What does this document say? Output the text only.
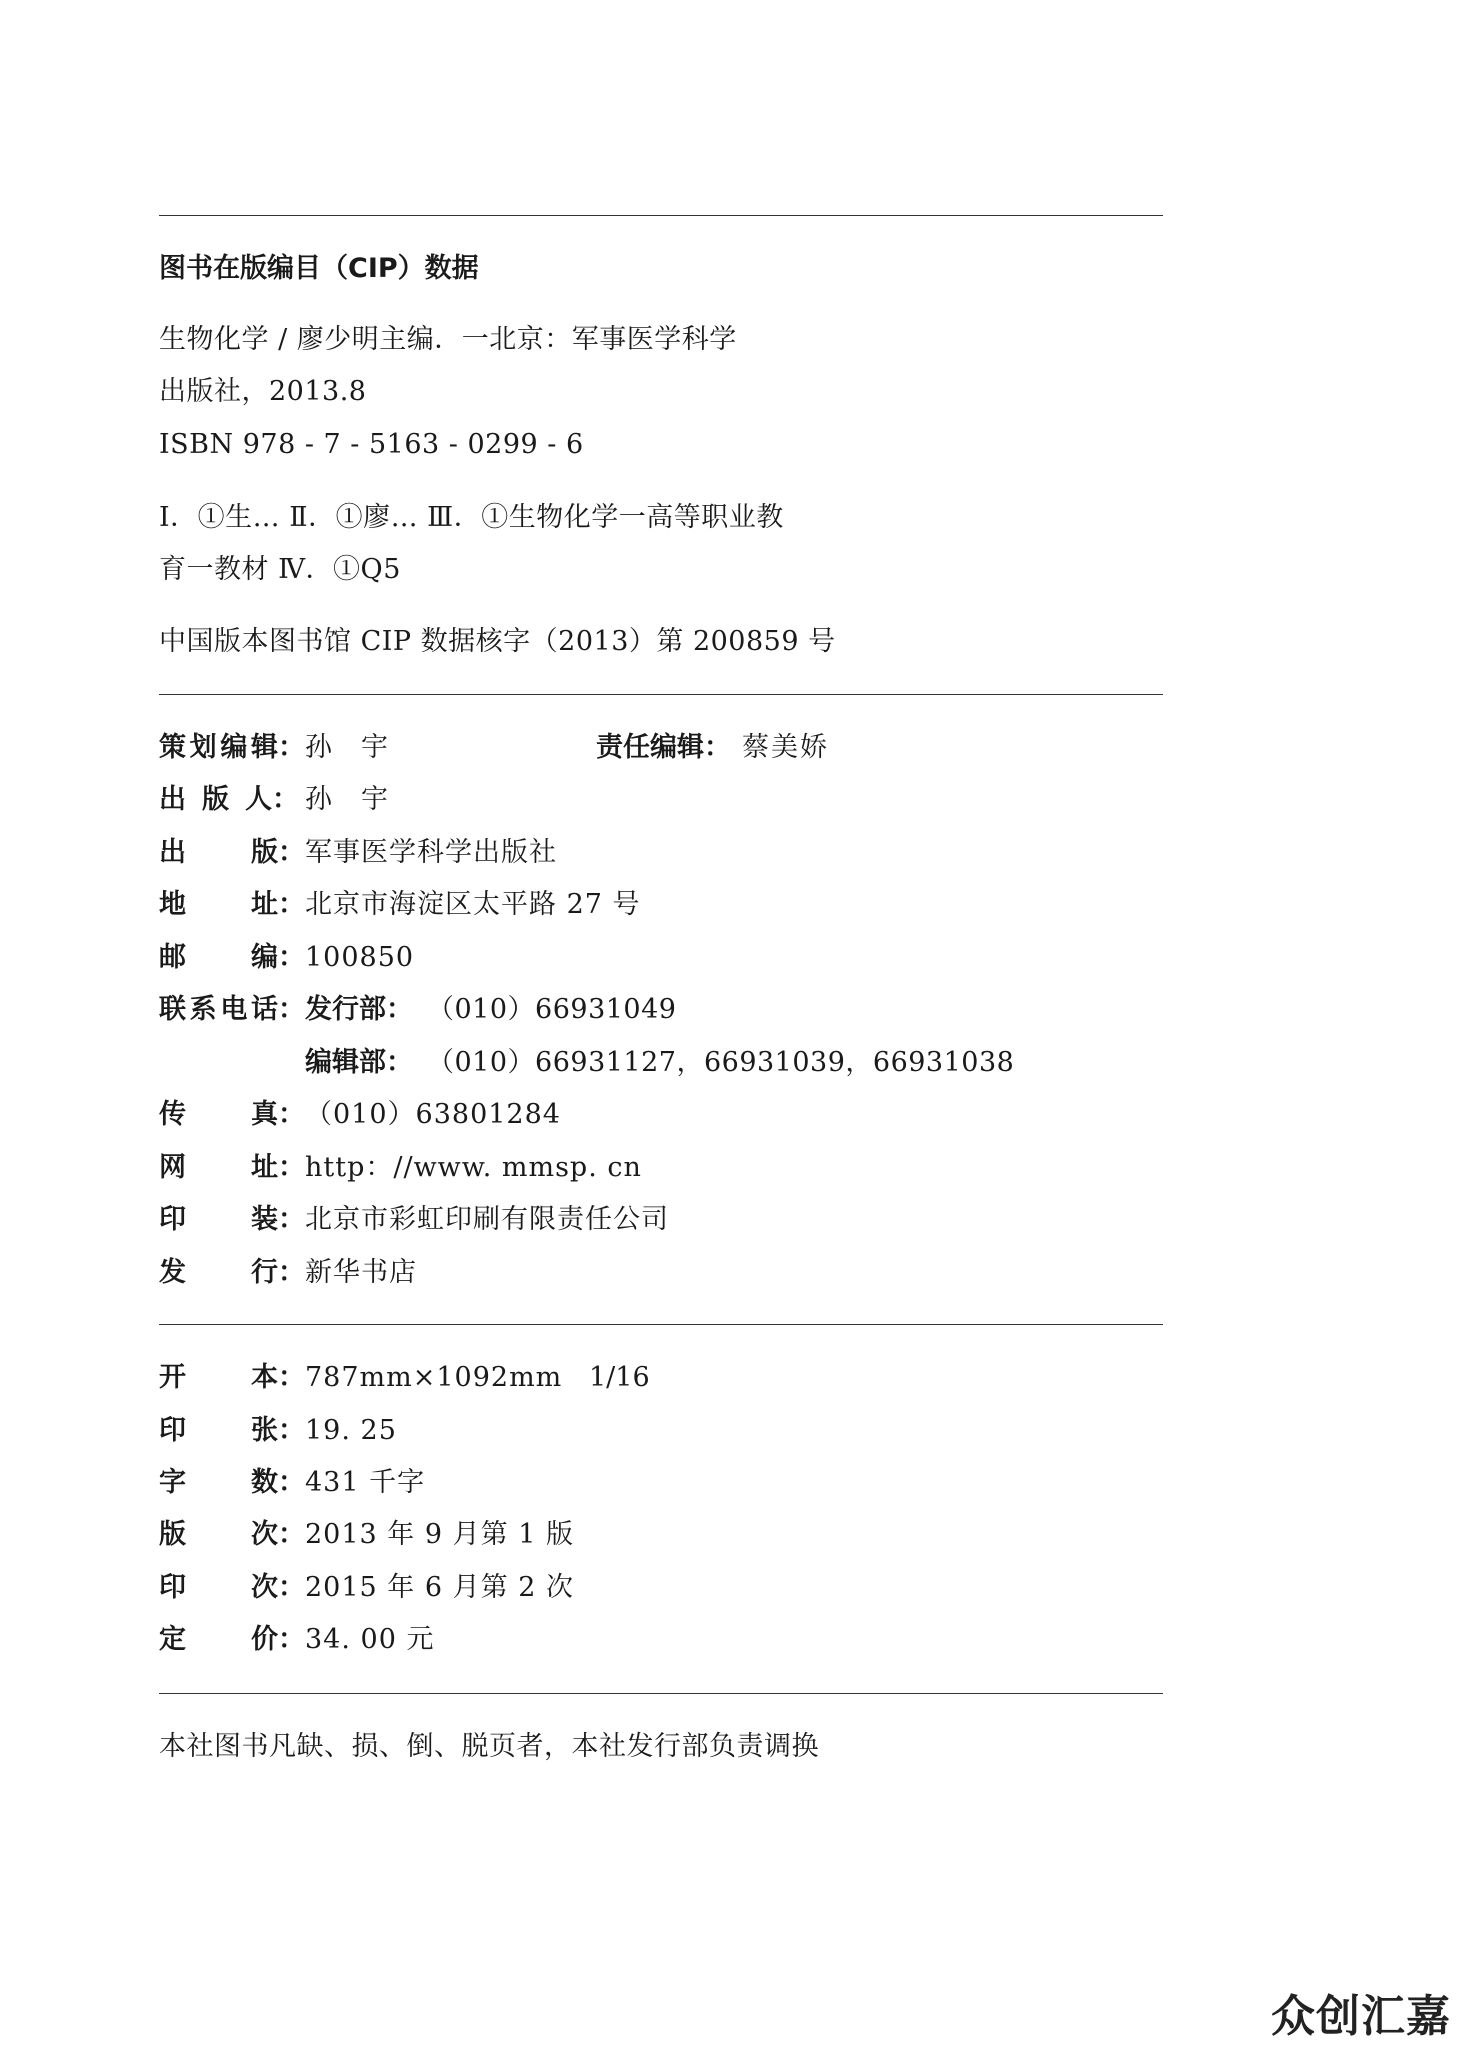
图书在版编目（CIP）数据
生物化学 / 廖少明主编．一北京：军事医学科学
出版社，2013.8
ISBN 978 - 7 - 5163 - 0299 - 6
Ⅰ．①生… Ⅱ．①廖… Ⅲ．①生物化学一高等职业教
育一教材 Ⅳ．①Q5
中国版本图书馆 CIP 数据核字（2013）第 200859 号
策 划 编 辑： 孙　宇	责任编辑： 蔡美娇
出 版 人： 孙　宇
出 版： 军事医学科学出版社
地 址： 北京市海淀区太平路 27 号
邮 编： 100850
联 系 电 话： 发行部： （010）66931049
编辑部： （010）66931127，66931039，66931038
传 真： （010）63801284
网 址： http：//www. mmsp. cn
印 装： 北京市彩虹印刷有限责任公司
发 行： 新华书店
开 本： 787mm×1092mm 1/16
印 张： 19. 25
字 数： 431 千字
版 次： 2013 年 9 月第 1 版
印 次： 2015 年 6 月第 2 次
定 价： 34. 00 元
本社图书凡缺、损、倒、脱页者，本社发行部负责调换
众创汇嘉
